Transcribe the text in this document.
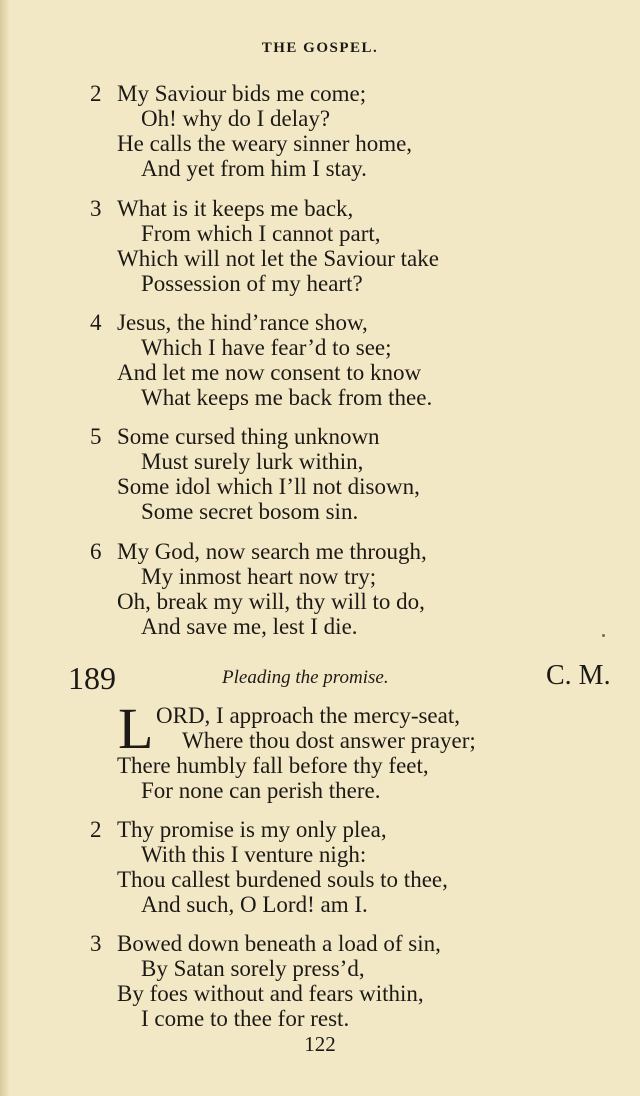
THE GOSPEL.
2 My Saviour bids me come;
Oh! why do I delay?
He calls the weary sinner home,
And yet from him I stay.
3 What is it keeps me back,
From which I cannot part,
Which will not let the Saviour take
Possession of my heart?
4 Jesus, the hind’rance show,
Which I have fear’d to see;
And let me now consent to know
What keeps me back from thee.
5 Some cursed thing unknown
Must surely lurk within,
Some idol which I’ll not disown,
Some secret bosom sin.
6 My God, now search me through,
My inmost heart now try;
Oh, break my will, thy will to do,
And save me, lest I die.
189	Pleading the promise.	C. M.
L ORD, I approach the mercy-seat,
Where thou dost answer prayer;
There humbly fall before thy feet,
For none can perish there.
2 Thy promise is my only plea,
With this I venture nigh:
Thou callest burdened souls to thee,
And such, O Lord! am I.
3 Bowed down beneath a load of sin,
By Satan sorely press’d,
By foes without and fears within,
I come to thee for rest.
122
